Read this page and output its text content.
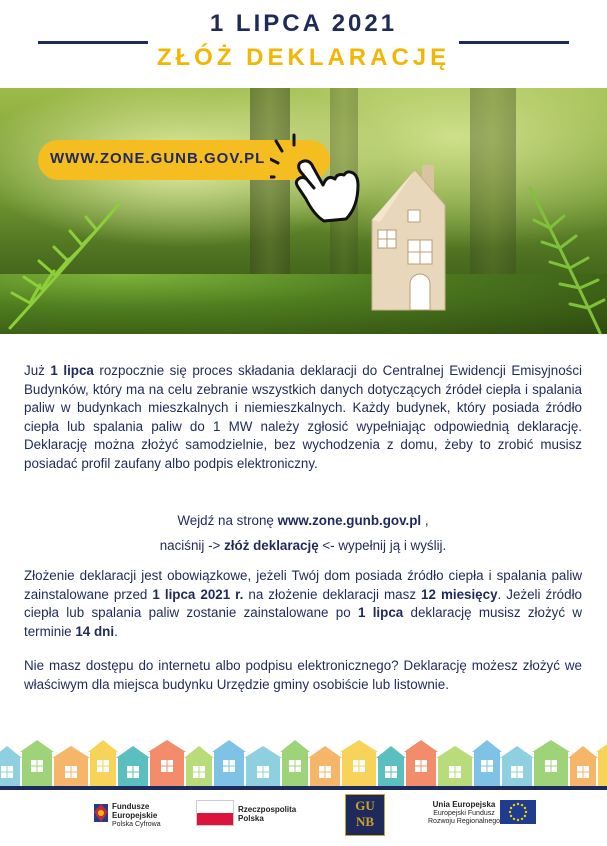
1 LIPCA 2021
ZŁÓŻ DEKLARACJĘ
WWW.ZONE.GUNB.GOV.PL
Już 1 lipca rozpocznie się proces składania deklaracji do Centralnej Ewidencji Emisyjności Budynków, który ma na celu zebranie wszystkich danych dotyczących źródeł ciepła i spalania paliw w budynkach mieszkalnych i niemieszkalnych. Każdy budynek, który posiada źródło ciepła lub spalania paliw do 1 MW należy zgłosić wypełniając odpowiednią deklarację. Deklarację można złożyć samodzielnie, bez wychodzenia z domu, żeby to zrobić musisz posiadać profil zaufany albo podpis elektroniczny.
Wejdź na stronę www.zone.gunb.gov.pl ,
naciśnij -> złóż deklarację <- wypełnij ją i wyślij.
Złożenie deklaracji jest obowiązkowe, jeżeli Twój dom posiada źródło ciepła i spalania paliw zainstalowane przed 1 lipca 2021 r. na złożenie deklaracji masz 12 miesięcy. Jeżeli źródło ciepła lub spalania paliw zostanie zainstalowane po 1 lipca deklarację musisz złożyć w terminie 14 dni.
Nie masz dostępu do internetu albo podpisu elektronicznego? Deklarację możesz złożyć we właściwym dla miejsca budynku Urzędzie gminy osobiście lub listownie.
Fundusze
Europejskie
Polska Cyfrowa
Rzeczpospolita
Polska
GU
NB
Unia Europejska
Europejski Fundusz
Rozwoju Regionalnego
